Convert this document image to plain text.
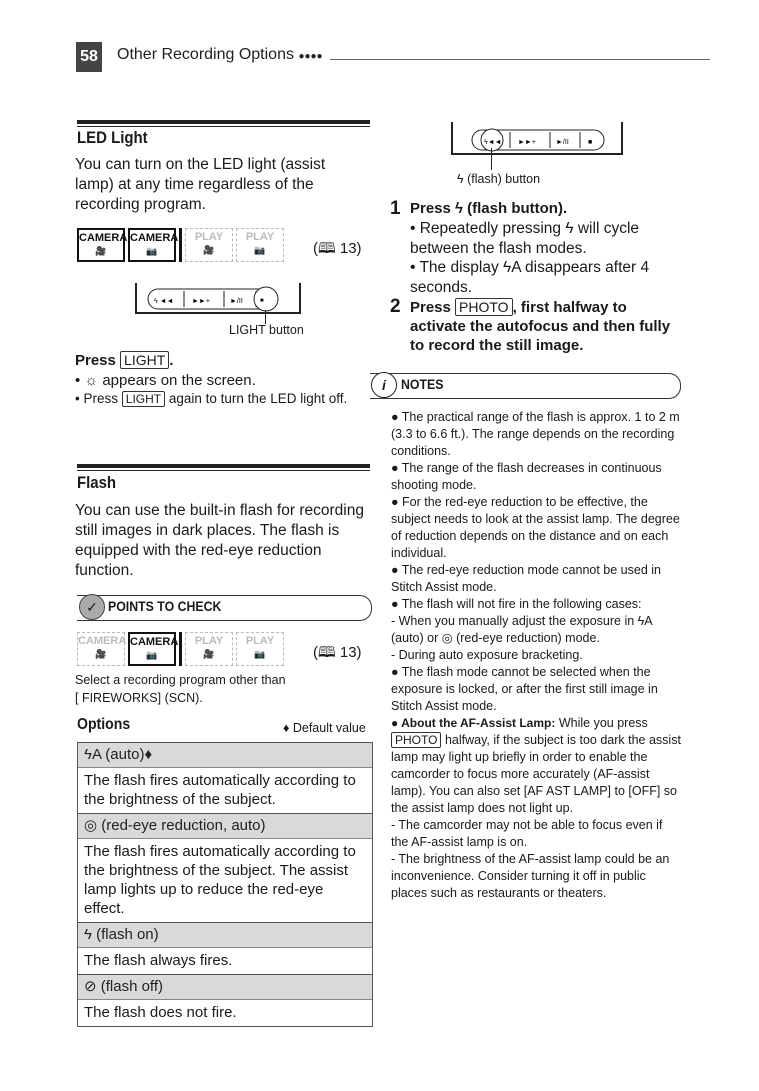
58 Other Recording Options ●●●●
LED Light
You can turn on the LED light (assist lamp) at any time regardless of the recording program.
CAMERA
🎥
CAMERA
📷
PLAY
🎥
PLAY
📷	(🕮 13)
ϟ ◄◄	►►+	►/II	■
LIGHT button
Press LIGHT .
• ☼ appears on the screen.
• Press LIGHT again to turn the LED light off.
Flash
You can use the built-in flash for recording still images in dark places. The flash is equipped with the red-eye reduction function.
✓ POINTS TO CHECK
CAMERA
🎥
CAMERA
📷
PLAY
🎥
PLAY
📷	(🕮 13)
Select a recording program other than
[ FIREWORKS] (SCN).
Options	♦ Default value
ϟA (auto)♦
The flash fires automatically according to the brightness of the subject.
◎ (red-eye reduction, auto)
The flash fires automatically according to the brightness of the subject. The assist lamp lights up to reduce the red-eye effect.
ϟ (flash on)
The flash always fires.
⊘ (flash off)
The flash does not fire.
ϟ◄◄ ►►+	►/II	■
ϟ (flash) button
1 Press ϟ (flash button).
• Repeatedly pressing ϟ will cycle between the flash modes.
• The display ϟA disappears after 4 seconds.
2 Press PHOTO , first halfway to activate the autofocus and then fully to record the still image.
i	NOTES
● The practical range of the flash is approx. 1 to 2 m (3.3 to 6.6 ft.). The range depends on the recording conditions.
● The range of the flash decreases in continuous shooting mode.
● For the red-eye reduction to be effective, the subject needs to look at the assist lamp. The degree of reduction depends on the distance and on each individual.
● The red-eye reduction mode cannot be used in Stitch Assist mode.
● The flash will not fire in the following cases:
- When you manually adjust the exposure in ϟA (auto) or ◎ (red-eye reduction) mode.
- During auto exposure bracketing.
● The flash mode cannot be selected when the exposure is locked, or after the first still image in Stitch Assist mode.
● About the AF-Assist Lamp: While you press PHOTO halfway, if the subject is too dark the assist lamp may light up briefly in order to enable the camcorder to focus more accurately (AF-assist lamp). You can also set [AF AST LAMP] to [OFF] so the assist lamp does not light up.
- The camcorder may not be able to focus even if the AF-assist lamp is on.
- The brightness of the AF-assist lamp could be an inconvenience. Consider turning it off in public places such as restaurants or theaters.
